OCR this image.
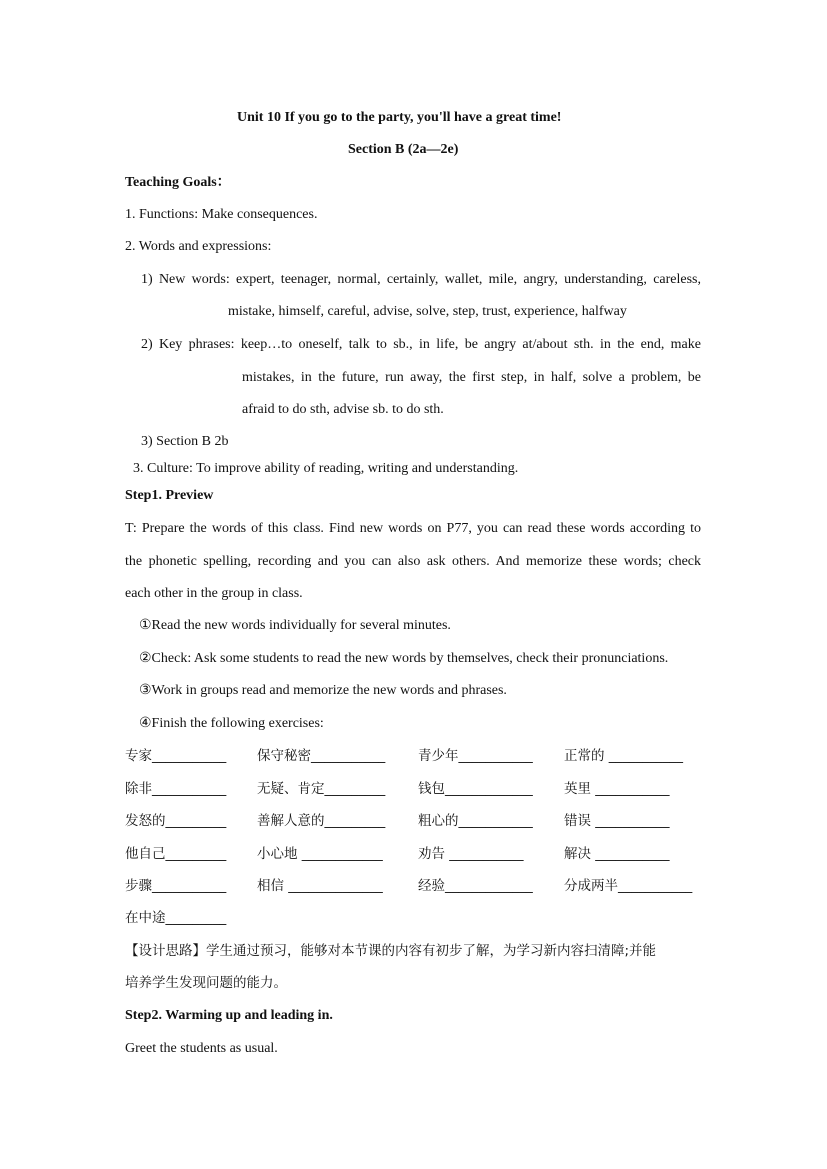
Unit 10 If you go to the party, you'll have a great time!
Section B (2a—2e)
Teaching Goals：
1. Functions: Make consequences.
2. Words and expressions:
1) New words: expert, teenager, normal, certainly, wallet, mile, angry, understanding, careless,
mistake, himself, careful, advise, solve, step, trust, experience, halfway
2) Key phrases: keep…to oneself, talk to sb., in life, be angry at/about sth. in the end, make
mistakes, in the future, run away, the first step, in half, solve a problem, be
afraid to do sth, advise sb. to do sth.
3) Section B 2b
3. Culture: To improve ability of reading, writing and understanding.
Step1. Preview
T: Prepare the words of this class. Find new words on P77, you can read these words according to
the phonetic spelling, recording and you can also ask others. And memorize these words; check
each other in the group in class.
①Read the new words individually for several minutes.
②Check: Ask some students to read the new words by themselves, check their pronunciations.
③Work in groups read and memorize the new words and phrases.
④Finish the following exercises:
专家___________ 保守秘密___________ 青少年___________ 正常的 ___________
除非___________ 无疑、肯定_________ 钱包_____________ 英里 ___________
发怒的_________ 善解人意的_________ 粗心的___________ 错误 ___________
他自己_________ 小心地 ____________	劝告 ___________	解决 ___________
步骤___________ 相信 ______________	经验_____________ 分成两半___________
在中途_________
【设计思路】学生通过预习，能够对本节课的内容有初步了解，为学习新内容扫清障;并能
培养学生发现问题的能力。
Step2. Warming up and leading in.
Greet the students as usual.
